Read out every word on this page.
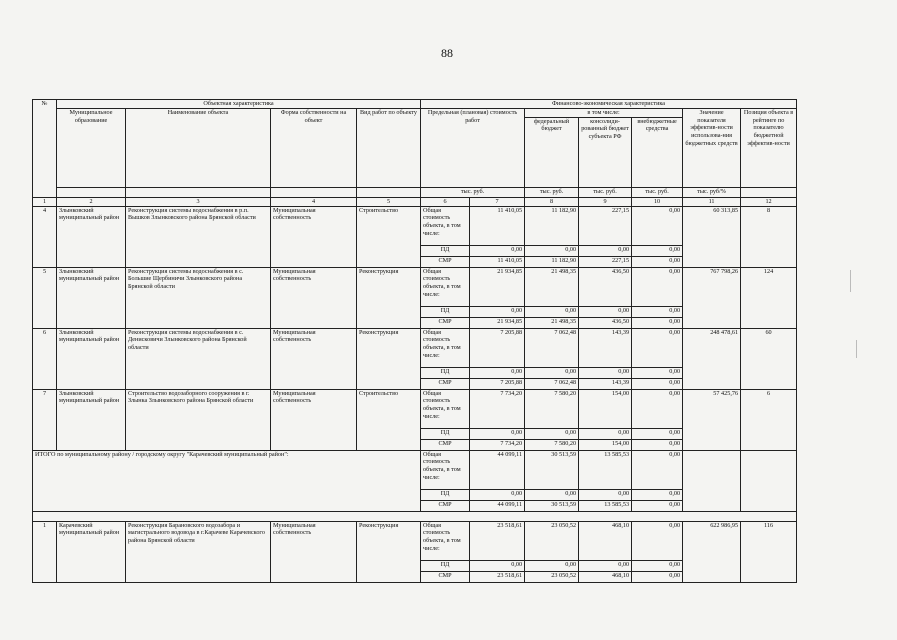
88
№	Объектная характеристика				Финансово-экономическая характеристика						
	Муниципальное образование	Наименование объекта	Форма собственности на объект	Вид работ по объекту	Предельная (плановая) стоимость работ		в том числе:			Значение показателя эффектив-ности использова-ния бюджетных средств	Позиция объекта в рейтинге по показателю бюджетной эффектив-ности
							федеральный бюджет	консолиди-рованный бюджет субъекта РФ	внебюджетные средства		
					тыс. руб.		тыс. руб.	тыс. руб.	тыс. руб.	тыс. руб/%	
1	2	3	4	5	6	7	8	9	10	11	12
4	Злынковский муниципальный район	Реконструкция системы водоснабжения в р.п. Вышков Злынковского района Брянской области	Муниципальная собственность	Строительство	Общая стоимость объекта, в том числе:	11 410,05	11 182,90	227,15	0,00	60 313,85	8
					ПД	0,00	0,00	0,00	0,00		
					СМР	11 410,05	11 182,90	227,15	0,00		
5	Злынковский муниципальный район	Реконструкция системы водоснабжения в с. Большие Щербиничи Злынковского района Брянской области	Муниципальная собственность	Реконструкция	Общая стоимость объекта, в том числе:	21 934,85	21 498,35	436,50	0,00	767 798,26	124
					ПД	0,00	0,00	0,00	0,00		
					СМР	21 934,85	21 498,35	436,50	0,00		
6	Злынковский муниципальный район	Реконструкция системы водоснабжения в с. Денисковичи Злынковского района Брянской области	Муниципальная собственность	Реконструкция	Общая стоимость объекта, в том числе:	7 205,88	7 062,48	143,39	0,00	248 478,61	60
					ПД	0,00	0,00	0,00	0,00		
					СМР	7 205,88	7 062,48	143,39	0,00		
7	Злынковский муниципальный район	Строительство водозаборного сооружения в г. Злынка Злынковского района Брянской области	Муниципальная собственность	Строительство	Общая стоимость объекта, в том числе:	7 734,20	7 580,20	154,00	0,00	57 425,76	6
					ПД	0,00	0,00	0,00	0,00		
					СМР	7 734,20	7 580,20	154,00	0,00		
ИТОГО по муниципальному району / городскому округу "Карачевский муниципальный район":					Общая стоимость объекта, в том числе:	44 099,11	30 513,59	13 585,53	0,00		
					ПД	0,00	0,00	0,00	0,00		
					СМР	44 099,11	30 513,59	13 585,53	0,00		

1	Карачевский муниципальный район	Реконструкция Барановского водозабора и магистрального водовода в г.Карачеве Карачевского района Брянской области	Муниципальная собственность	Реконструкция	Общая стоимость объекта, в том числе:	23 518,61	23 050,52	468,10	0,00	622 986,95	116
					ПД	0,00	0,00	0,00	0,00		
					СМР	23 518,61	23 050,52	468,10	0,00		
